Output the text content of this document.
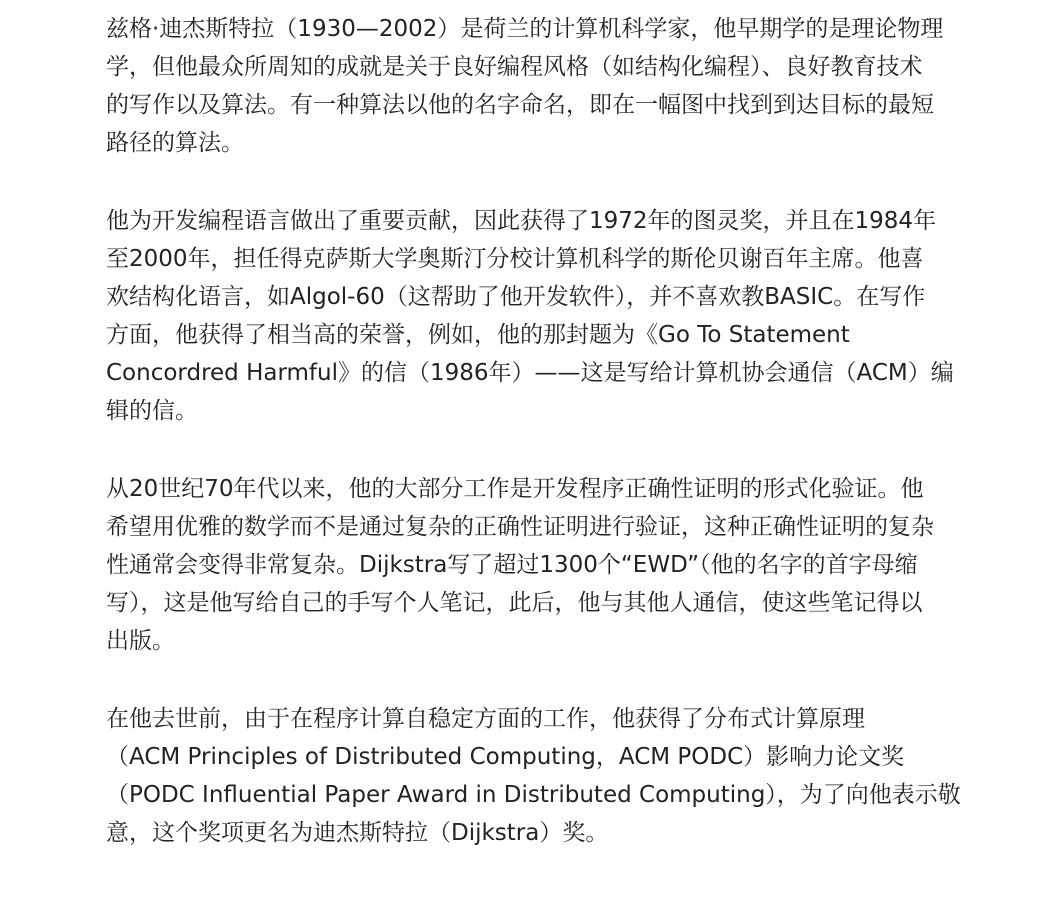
兹格·迪杰斯特拉（1930—2002）是荷兰的计算机科学家，他早期学的是理论物理
学，但他最众所周知的成就是关于良好编程风格（如结构化编程）、良好教育技术
的写作以及算法。有一种算法以他的名字命名，即在一幅图中找到到达目标的最短
路径的算法。

他为开发编程语言做出了重要贡献，因此获得了1972年的图灵奖，并且在1984年
至2000年，担任得克萨斯大学奥斯汀分校计算机科学的斯伦贝谢百年主席。他喜
欢结构化语言，如Algol-60（这帮助了他开发软件），并不喜欢教BASIC。在写作
方面，他获得了相当高的荣誉，例如，他的那封题为《Go To Statement
Concordred Harmful》的信（1986年）——这是写给计算机协会通信（ACM）编
辑的信。

从20世纪70年代以来，他的大部分工作是开发程序正确性证明的形式化验证。他
希望用优雅的数学而不是通过复杂的正确性证明进行验证，这种正确性证明的复杂
性通常会变得非常复杂。Dijkstra写了超过1300个“EWD”（他的名字的首字母缩
写），这是他写给自己的手写个人笔记，此后，他与其他人通信，使这些笔记得以
出版。

在他去世前，由于在程序计算自稳定方面的工作，他获得了分布式计算原理
（ACM Principles of Distributed Computing，ACM PODC）影响力论文奖
（PODC Influential Paper Award in Distributed Computing），为了向他表示敬
意，这个奖项更名为迪杰斯特拉（Dijkstra）奖。
